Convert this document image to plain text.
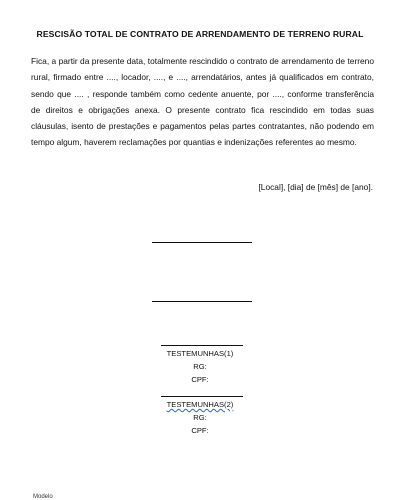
RESCISÃO TOTAL DE CONTRATO DE ARRENDAMENTO DE TERRENO RURAL

Fica, a partir da presente data, totalmente rescindido o contrato de arrendamento de terreno rural, firmado entre ...., locador, ...., e ...., arrendatários, antes já qualificados em contrato, sendo que .... , responde também como cedente anuente, por ...., conforme transferência de direitos e obrigações anexa. O presente contrato fica rescindido em todas suas cláusulas, isento de prestações e pagamentos pelas partes contratantes, não podendo em tempo algum, haverem reclamações por quantias e indenizações referentes ao mesmo.

[Local], [dia] de [mês] de [ano].
TESTEMUNHAS(1)
RG:
CPF:
TESTEMUNHAS(2)
RG:
CPF:
Modelo
